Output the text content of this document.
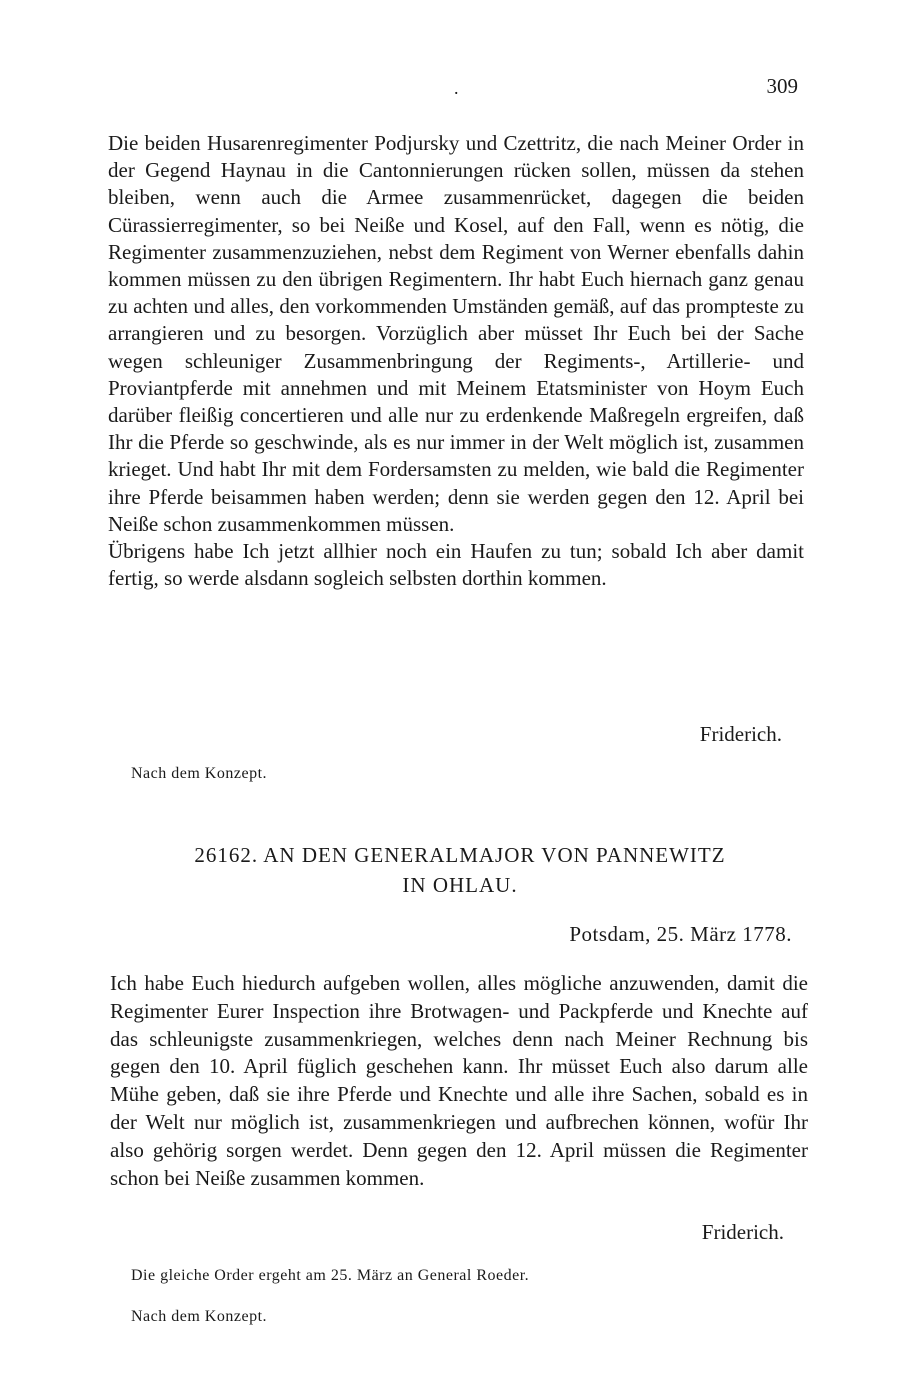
.	309

Die beiden Husarenregimenter Podjursky und Czettritz, die nach Meiner Order in der Gegend Haynau in die Cantonnierungen rücken sollen, müssen da stehen bleiben, wenn auch die Armee zusammenrücket, dagegen die beiden Cürassierregimenter, so bei Neiße und Kosel, auf den Fall, wenn es nötig, die Regimenter zusammenzuziehen, nebst dem Regiment von Werner ebenfalls dahin kommen müssen zu den übrigen Regimentern. Ihr habt Euch hiernach ganz genau zu achten und alles, den vorkommenden Umständen gemäß, auf das prompteste zu arrangieren und zu besorgen. Vorzüglich aber müsset Ihr Euch bei der Sache wegen schleuniger Zusammenbringung der Regiments-, Artillerie- und Proviantpferde mit annehmen und mit Meinem Etatsminister von Hoym Euch darüber fleißig concertieren und alle nur zu erdenkende Maßregeln ergreifen, daß Ihr die Pferde so geschwinde, als es nur immer in der Welt möglich ist, zusammen krieget. Und habt Ihr mit dem Fordersamsten zu melden, wie bald die Regimenter ihre Pferde beisammen haben werden; denn sie werden gegen den 12. April bei Neiße schon zusammenkommen müssen.

Übrigens habe Ich jetzt allhier noch ein Haufen zu tun; sobald Ich aber damit fertig, so werde alsdann sogleich selbsten dorthin kommen.

Friderich.
Nach dem Konzept.
26162. AN DEN GENERALMAJOR VON PANNEWITZ
IN OHLAU.
Potsdam, 25. März 1778.

Ich habe Euch hiedurch aufgeben wollen, alles mögliche anzuwenden, damit die Regimenter Eurer Inspection ihre Brotwagen- und Packpferde und Knechte auf das schleunigste zusammenkriegen, welches denn nach Meiner Rechnung bis gegen den 10. April füglich geschehen kann. Ihr müsset Euch also darum alle Mühe geben, daß sie ihre Pferde und Knechte und alle ihre Sachen, sobald es in der Welt nur möglich ist, zusammenkriegen und aufbrechen können, wofür Ihr also gehörig sorgen werdet. Denn gegen den 12. April müssen die Regimenter schon bei Neiße zusammen kommen.

Friderich.
Die gleiche Order ergeht am 25. März an General Roeder.
Nach dem Konzept.
